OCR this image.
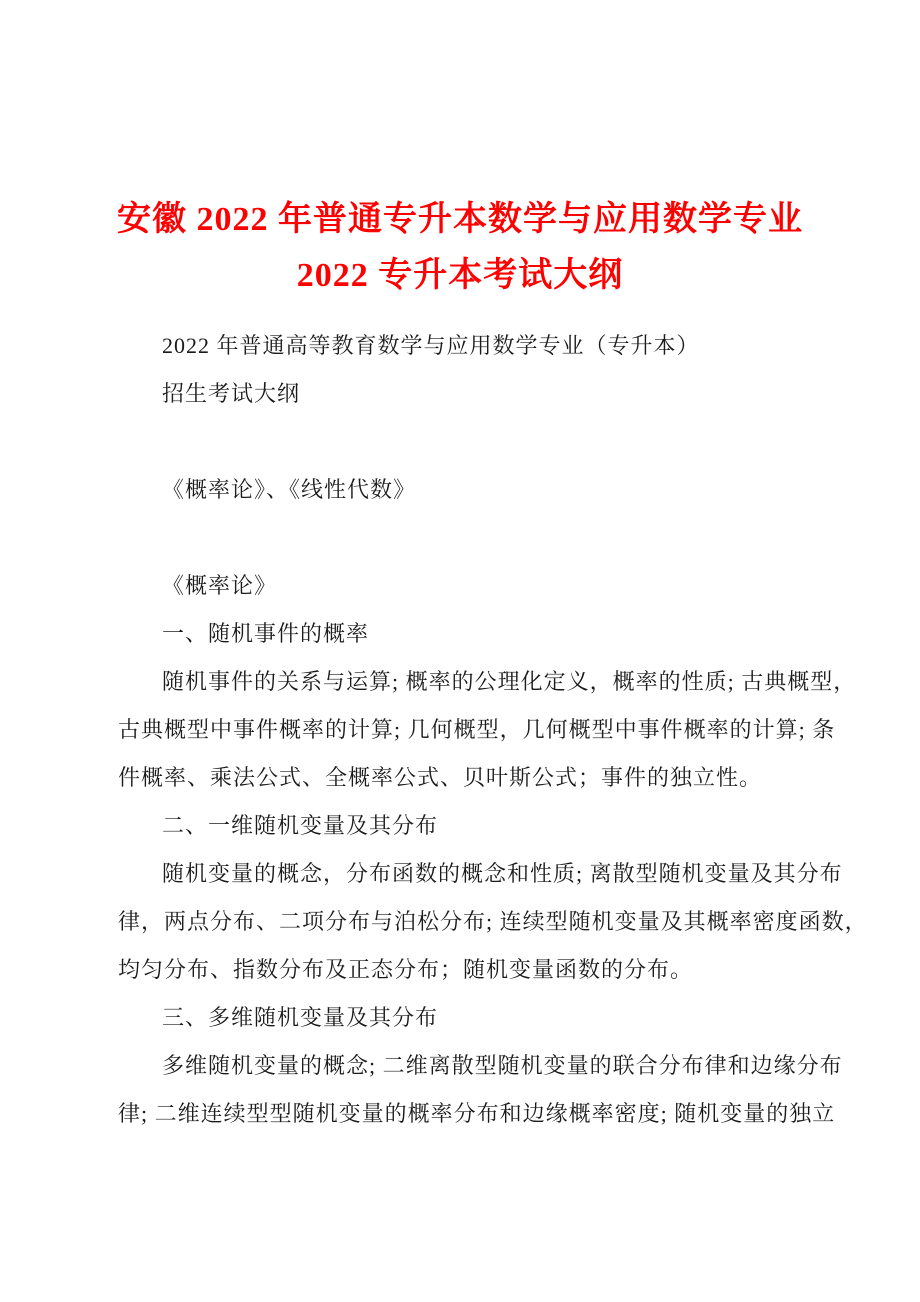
安徽 2022 年普通专升本数学与应用数学专业
2022 专升本考试大纲
2022 年普通高等教育数学与应用数学专业（专升本）
招生考试大纲
《概率论》、《线性代数》
《概率论》
一、随机事件的概率
随机事件的关系与运算; 概率的公理化定义，概率的性质; 古典概型，
古典概型中事件概率的计算; 几何概型，几何概型中事件概率的计算; 条
件概率、乘法公式、全概率公式、贝叶斯公式；事件的独立性。
二、一维随机变量及其分布
随机变量的概念，分布函数的概念和性质; 离散型随机变量及其分布
律，两点分布、二项分布与泊松分布; 连续型随机变量及其概率密度函数，
均匀分布、指数分布及正态分布；随机变量函数的分布。
三、多维随机变量及其分布
多维随机变量的概念; 二维离散型随机变量的联合分布律和边缘分布
律; 二维连续型型随机变量的概率分布和边缘概率密度; 随机变量的独立
